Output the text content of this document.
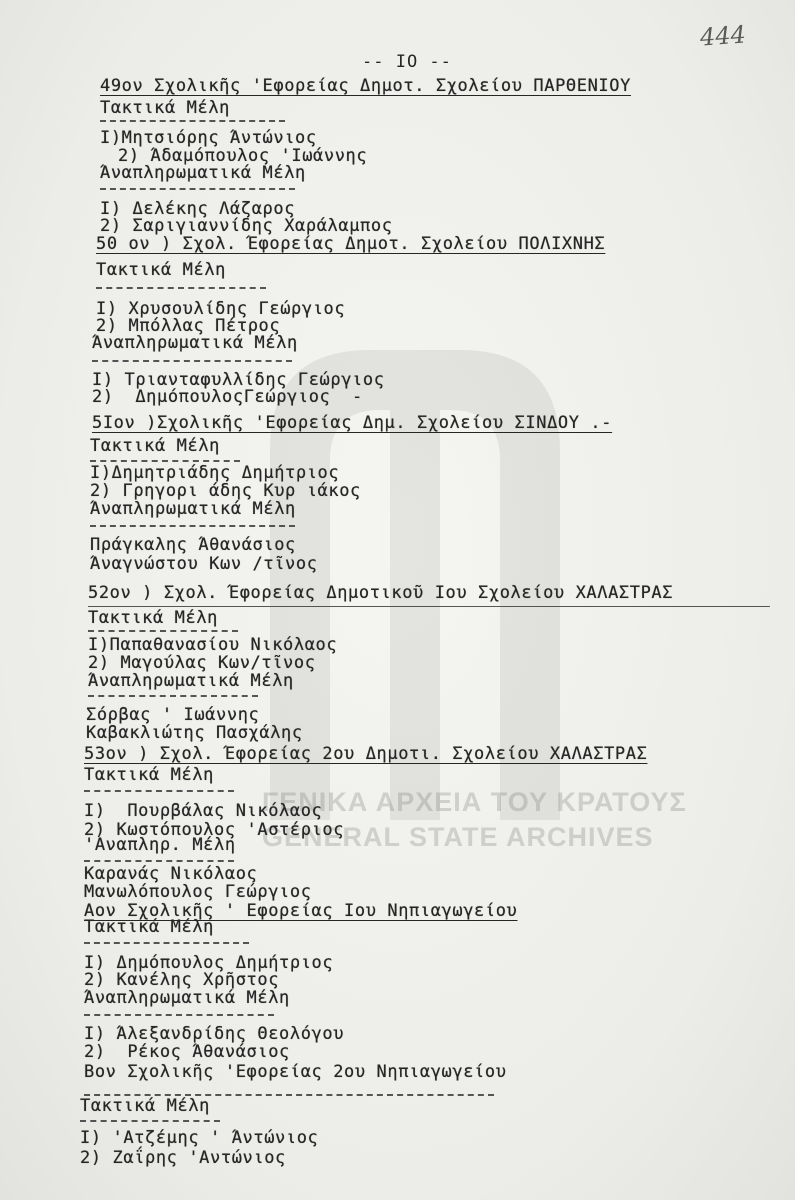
ΓΕΝΙΚΑ ΑΡΧΕΙΑ ΤΟΥ ΚΡΑΤΟΥΣ
GENERAL STATE ARCHIVES
444
-- IO --
49ον Σχολικῆς 'Εφορείας Δημοτ. Σχολείου ΠΑΡΘΕΝΙΟΥ
Τακτικά Μέλη
I)Μητσιόρης Άντώνιος
2) Άδαμόπουλος 'Ιωάννης
Άναπληρωματικά Μέλη
I) Δελέκης Λάζαρος
2) Σαριγιαννίδης Χαράλαμπος
50 ον ) Σχολ. Έφορείας Δημοτ. Σχολείου ΠΟΛΙΧΝΗΣ
Τακτικά Μέλη
I) Χρυσουλίδης Γεώργιος
2) Μπόλλας Πέτρος
Άναπληρωματικά Μέλη
I) Τριανταφυλλίδης Γεώργιος
2)  ΔημόπουλοςΓεώργιος  -
5Ιον )Σχολικῆς 'Εφορείας Δημ. Σχολείου ΣΙΝΔΟΥ .-
Τακτικά Μέλη
I)Δημητριάδης Δημήτριος
2) Γρηγορι άδης Κυρ ιάκος
Άναπληρωματικά Μέλη
Πράγκαλης Άθανάσιος
Άναγνώστου Κων /τῖνος
52ον ) Σχολ. Έφορείας Δημοτικοῦ Ιου Σχολείου ΧΑΛΑΣΤΡΑΣ
Τακτικά Μέλη
I)Παπαθανασίου Νικόλαος
2) Μαγούλας Κων/τῖνος
Άναπληρωματικά Μέλη
Σόρβας ' Ιωάννης
Καβακλιώτης Πασχάλης
53ον ) Σχολ. Έφορείας 2ου Δημοτι. Σχολείου ΧΑΛΑΣΤΡΑΣ
Τακτικά Μέλη
I)  Πουρβάλας Νικόλαος
2) Κωστόπουλος 'Αστέριος
'Αναπληρ. Μέλη
Καρανάς Νικόλαος
Μανωλόπουλος Γεώργιος
Αον Σχολικῆς ' Εφορείας Ιου Νηπιαγωγείου
Τακτικά Μέλη
I) Δημόπουλος Δημήτριος
2) Κανέλης Χρῆστος
Άναπληρωματικά Μέλη
I) Άλεξανδρίδης Θεολόγου
2)  Ρέκος Άθανάσιος
Βον Σχολικῆς 'Εφορείας 2ου Νηπιαγωγείου
Τακτικά Μέλη
I) 'Ατζέμης ' Άντώνιος
2) Ζαΐρης 'Αντώνιος
